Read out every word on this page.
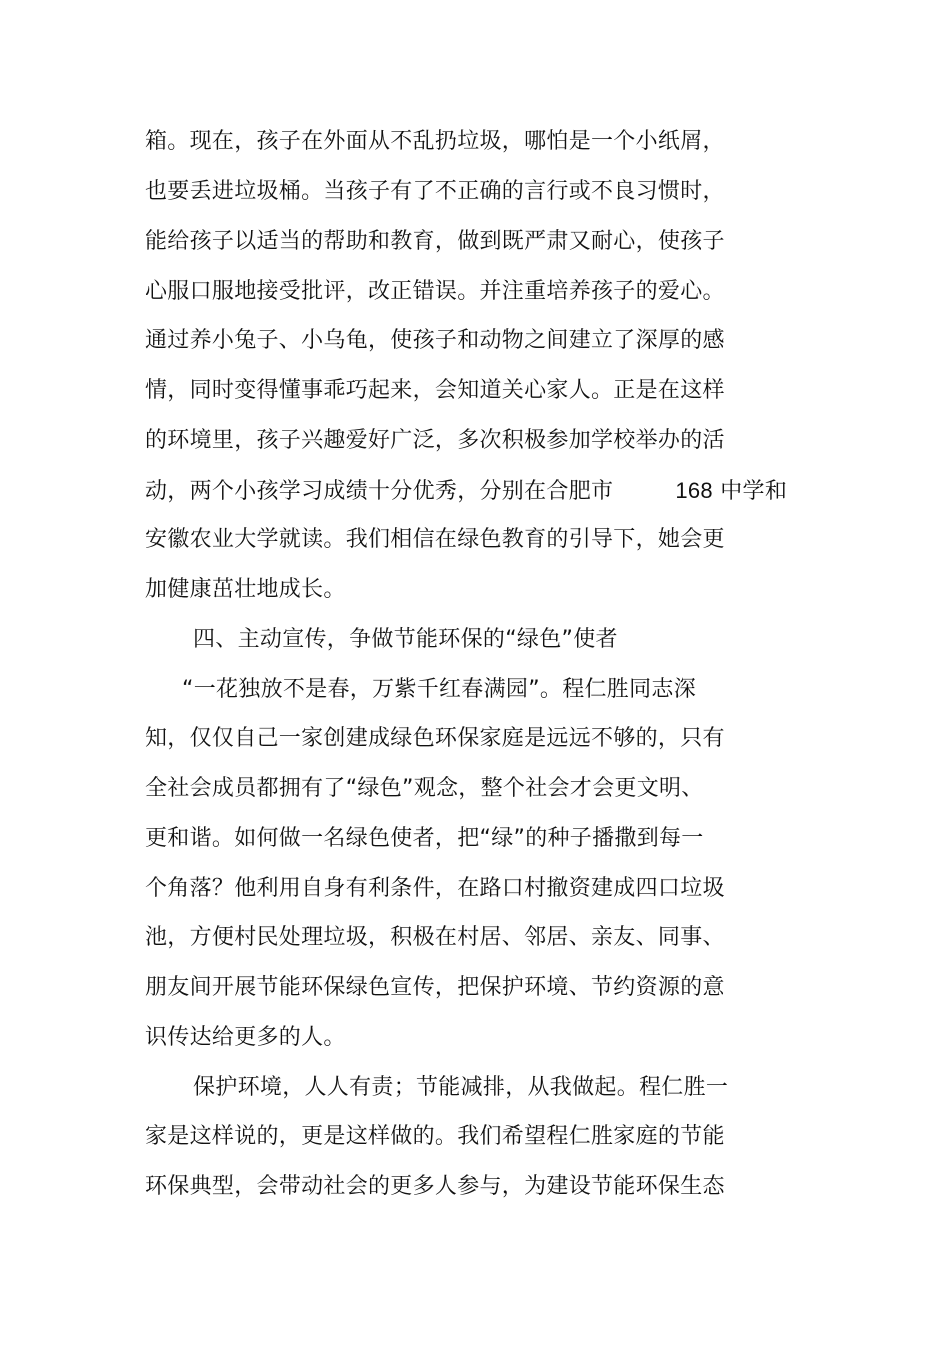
箱。现在，孩子在外面从不乱扔垃圾，哪怕是一个小纸屑，
也要丢进垃圾桶。当孩子有了不正确的言行或不良习惯时，
能给孩子以适当的帮助和教育，做到既严肃又耐心，使孩子
心服口服地接受批评，改正错误。并注重培养孩子的爱心。
通过养小兔子、小乌龟，使孩子和动物之间建立了深厚的感
情，同时变得懂事乖巧起来，会知道关心家人。正是在这样
的环境里，孩子兴趣爱好广泛，多次积极参加学校举办的活
动，两个小孩学习成绩十分优秀，分别在合肥市	168 中学和
安徽农业大学就读。我们相信在绿色教育的引导下，她会更
加健康茁壮地成长。
四、主动宣传，争做节能环保的“绿色”使者
“一花独放不是春，万紫千红春满园”。程仁胜同志深
知，仅仅自己一家创建成绿色环保家庭是远远不够的，只有
全社会成员都拥有了“绿色”观念，整个社会才会更文明、
更和谐。如何做一名绿色使者，把“绿”的种子播撒到每一
个角落？他利用自身有利条件，在路口村撤资建成四口垃圾
池，方便村民处理垃圾，积极在村居、邻居、亲友、同事、
朋友间开展节能环保绿色宣传，把保护环境、节约资源的意
识传达给更多的人。
保护环境，人人有责；节能减排，从我做起。程仁胜一
家是这样说的，更是这样做的。我们希望程仁胜家庭的节能
环保典型，会带动社会的更多人参与，为建设节能环保生态
